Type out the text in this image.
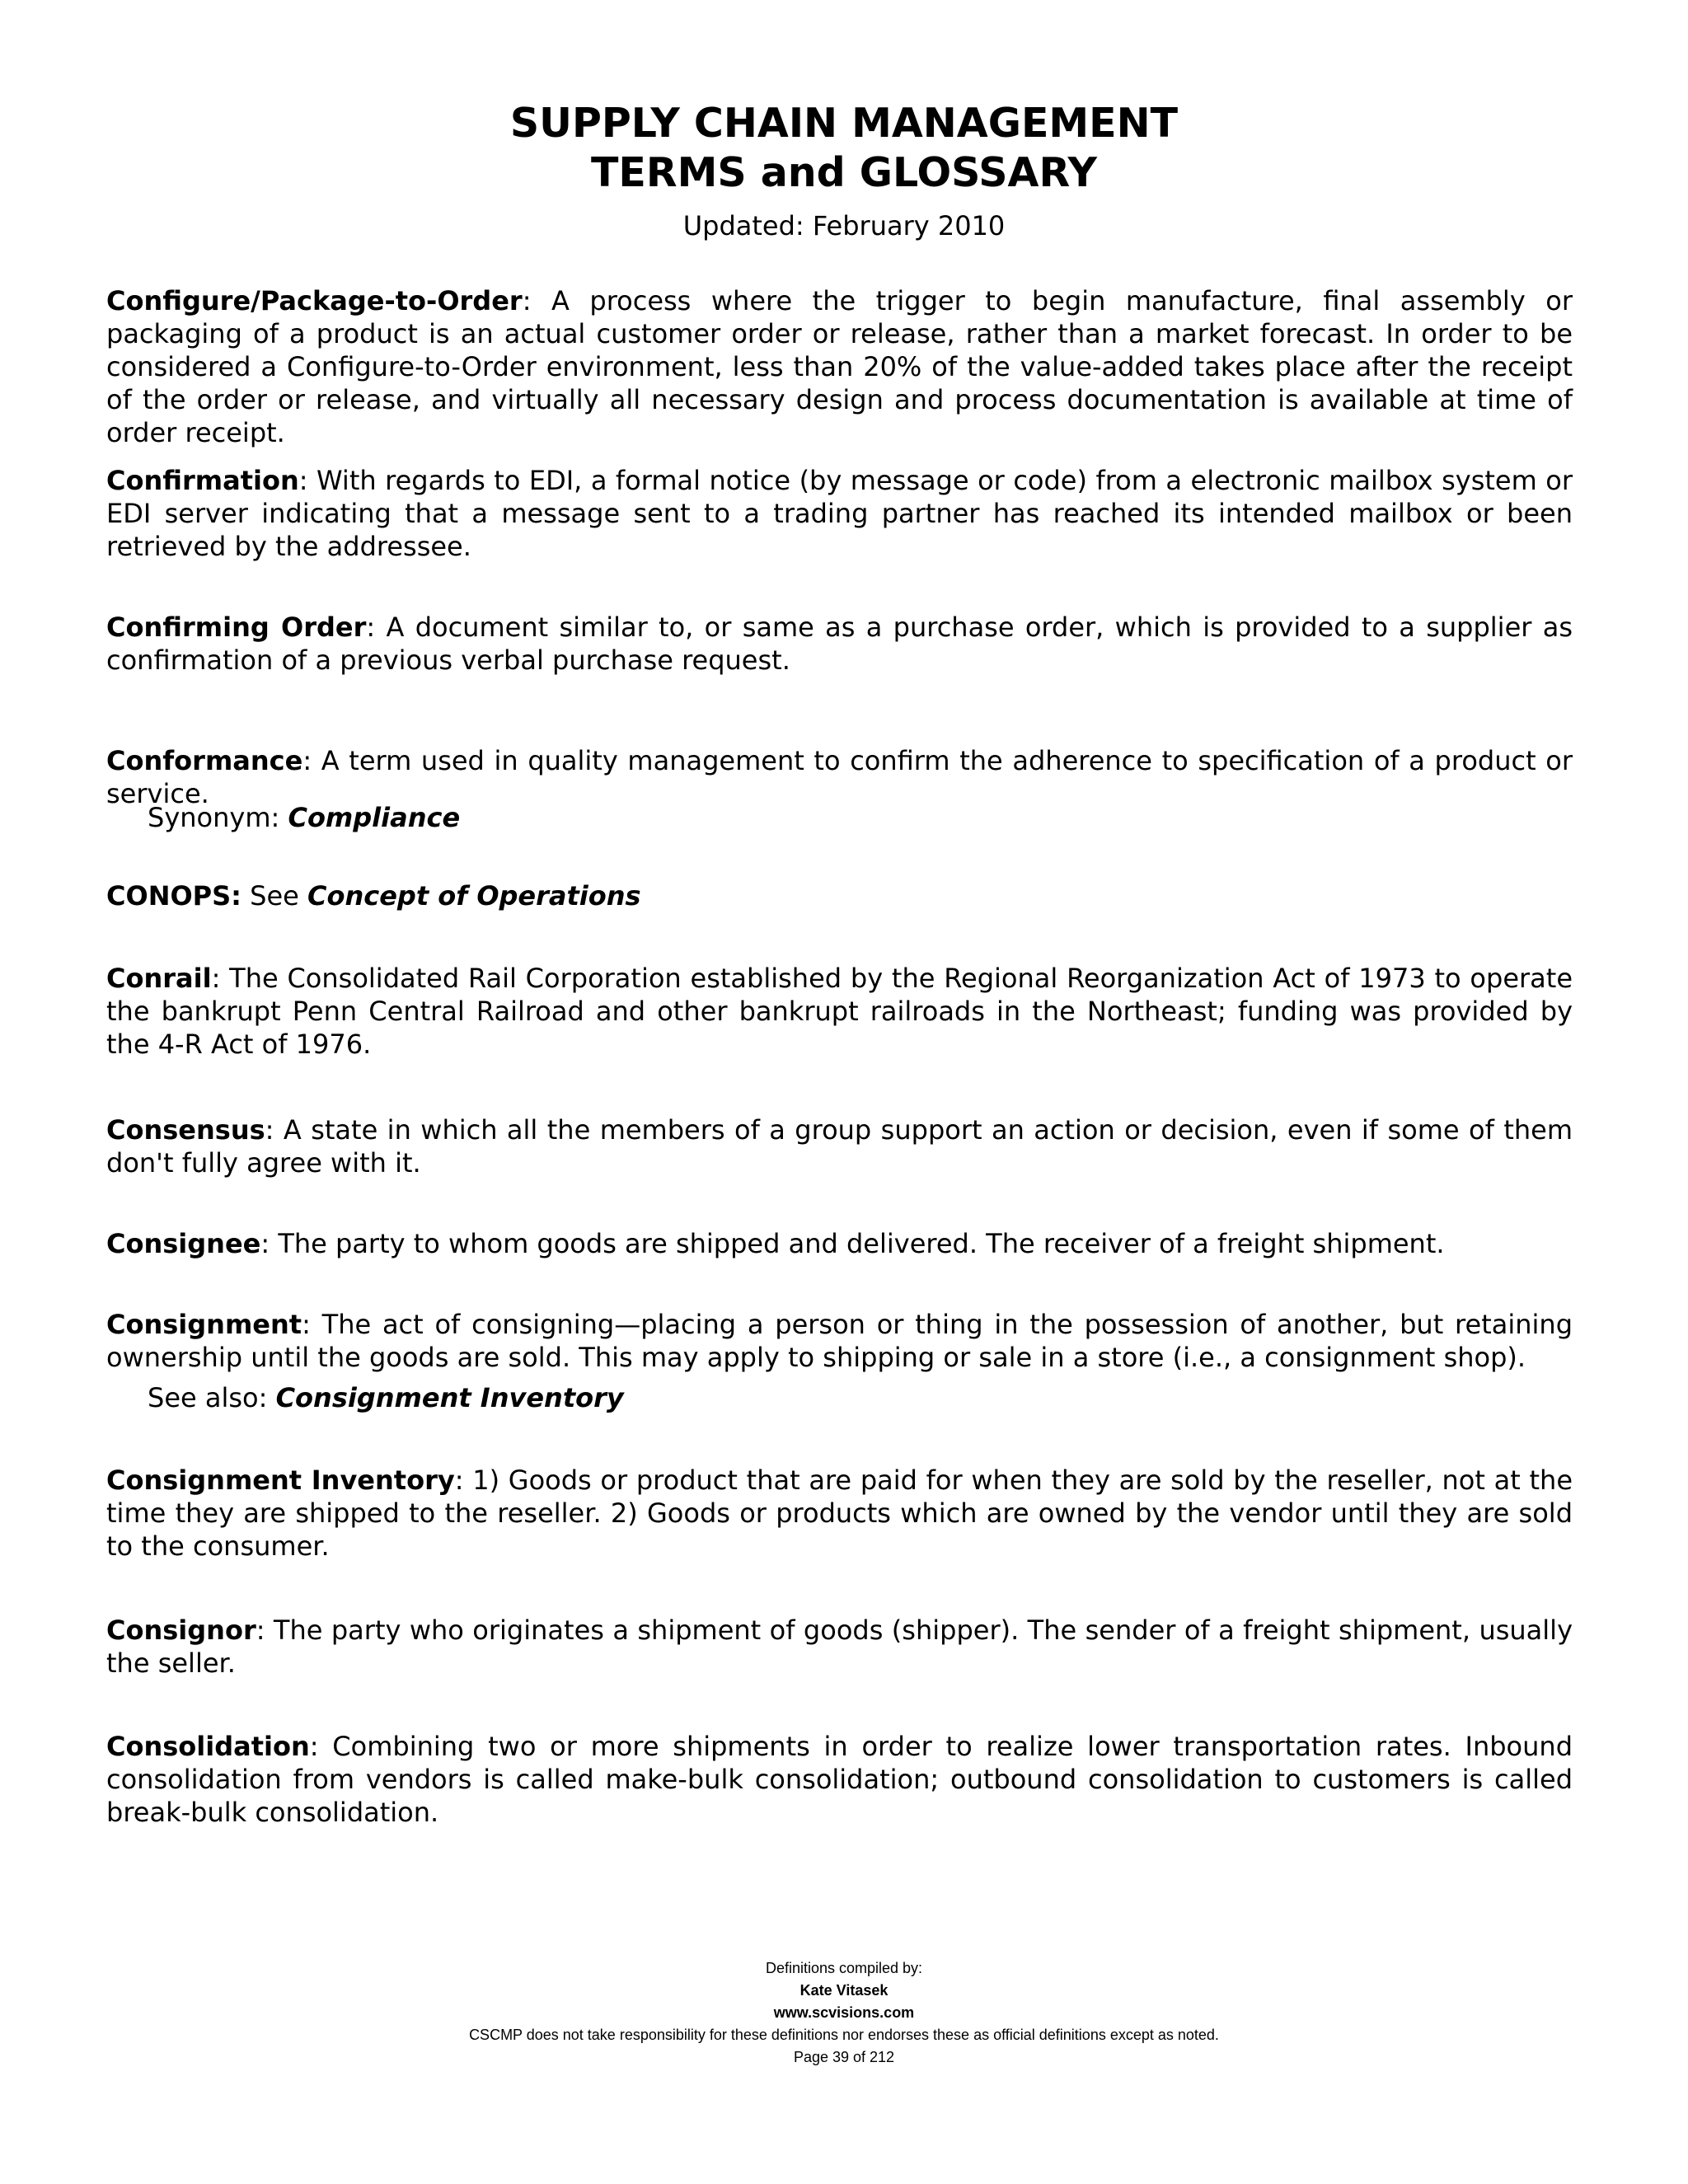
SUPPLY CHAIN MANAGEMENT
TERMS and GLOSSARY
Updated: February 2010
Configure/Package-to-Order: A process where the trigger to begin manufacture, final assembly or packaging of a product is an actual customer order or release, rather than a market forecast. In order to be considered a Configure-to-Order environment, less than 20% of the value-added takes place after the receipt of the order or release, and virtually all necessary design and process documentation is available at time of order receipt.
Confirmation: With regards to EDI, a formal notice (by message or code) from a electronic mailbox system or EDI server indicating that a message sent to a trading partner has reached its intended mailbox or been retrieved by the addressee.
Confirming Order: A document similar to, or same as a purchase order, which is provided to a supplier as confirmation of a previous verbal purchase request.
Conformance: A term used in quality management to confirm the adherence to specification of a product or service.
Synonym: Compliance
CONOPS: See Concept of Operations
Conrail: The Consolidated Rail Corporation established by the Regional Reorganization Act of 1973 to operate the bankrupt Penn Central Railroad and other bankrupt railroads in the Northeast; funding was provided by the 4-R Act of 1976.
Consensus: A state in which all the members of a group support an action or decision, even if some of them don't fully agree with it.
Consignee: The party to whom goods are shipped and delivered. The receiver of a freight shipment.
Consignment: The act of consigning—placing a person or thing in the possession of another, but retaining ownership until the goods are sold. This may apply to shipping or sale in a store (i.e., a consignment shop).
See also: Consignment Inventory
Consignment Inventory: 1) Goods or product that are paid for when they are sold by the reseller, not at the time they are shipped to the reseller. 2) Goods or products which are owned by the vendor until they are sold to the consumer.
Consignor: The party who originates a shipment of goods (shipper). The sender of a freight shipment, usually the seller.
Consolidation: Combining two or more shipments in order to realize lower transportation rates. Inbound consolidation from vendors is called make-bulk consolidation; outbound consolidation to customers is called break-bulk consolidation.
Definitions compiled by:
Kate Vitasek
www.scvisions.com
CSCMP does not take responsibility for these definitions nor endorses these as official definitions except as noted.
Page 39 of 212
